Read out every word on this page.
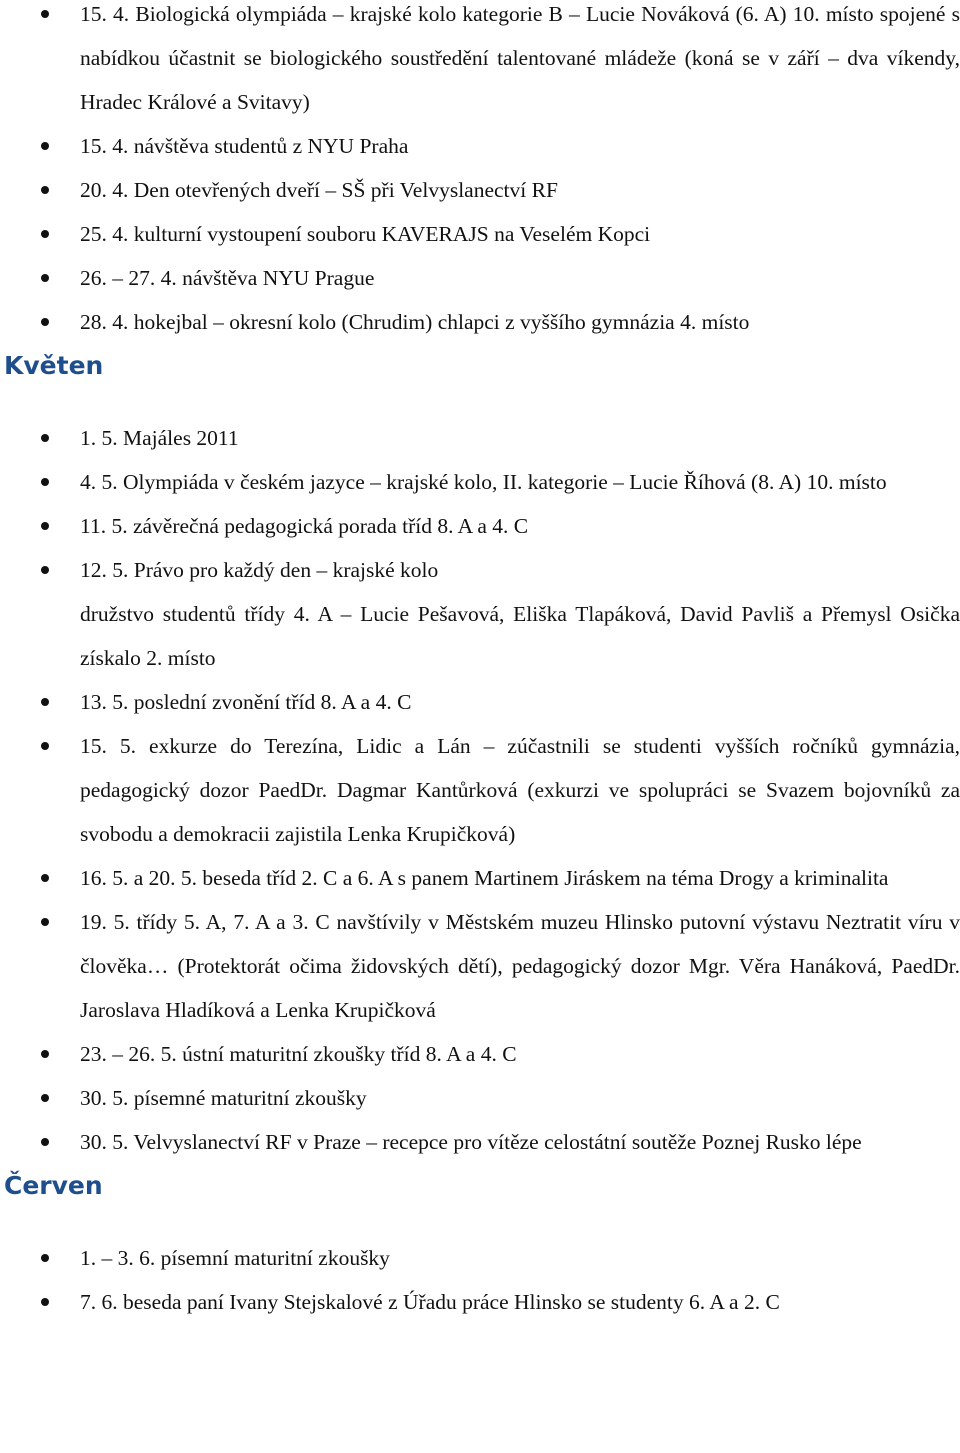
15. 4. Biologická olympiáda – krajské kolo kategorie B – Lucie Nováková (6. A) 10. místo spojené s nabídkou účastnit se biologického soustředění talentované mládeže (koná se v září – dva víkendy, Hradec Králové a Svitavy)
15. 4. návštěva studentů z NYU Praha
20. 4. Den otevřených dveří – SŠ při Velvyslanectví RF
25. 4. kulturní vystoupení souboru KAVERAJS na Veselém Kopci
26. – 27. 4. návštěva NYU Prague
28. 4. hokejbal – okresní kolo (Chrudim) chlapci z vyššího gymnázia 4. místo
Květen
1. 5. Majáles 2011
4. 5. Olympiáda v českém jazyce – krajské kolo, II. kategorie – Lucie Říhová (8. A) 10. místo
11. 5. závěrečná pedagogická porada tříd 8. A a 4. C
12. 5. Právo pro každý den – krajské kolo
družstvo studentů třídy 4. A – Lucie Pešavová, Eliška Tlapáková, David Pavliš a Přemysl Osička získalo 2. místo
13. 5. poslední zvonění tříd 8. A a 4. C
15. 5. exkurze do Terezína, Lidic a Lán – zúčastnili se studenti vyšších ročníků gymnázia, pedagogický dozor PaedDr. Dagmar Kantůrková (exkurzi ve spolupráci se Svazem bojovníků za svobodu a demokracii zajistila Lenka Krupičková)
16. 5. a 20. 5. beseda tříd 2. C a 6. A s panem Martinem Jiráskem na téma Drogy a kriminalita
19. 5. třídy 5. A, 7. A a 3. C navštívily v Městském muzeu Hlinsko putovní výstavu Neztratit víru v člověka… (Protektorát očima židovských dětí), pedagogický dozor Mgr. Věra Hanáková, PaedDr. Jaroslava Hladíková a Lenka Krupičková
23. – 26. 5. ústní maturitní zkoušky tříd 8. A a 4. C
30. 5. písemné maturitní zkoušky
30. 5. Velvyslanectví RF v Praze – recepce pro vítěze celostátní soutěže Poznej Rusko lépe
Červen
1. – 3. 6. písemní maturitní zkoušky
7. 6. beseda paní Ivany Stejskalové z Úřadu práce Hlinsko se studenty 6. A a 2. C
